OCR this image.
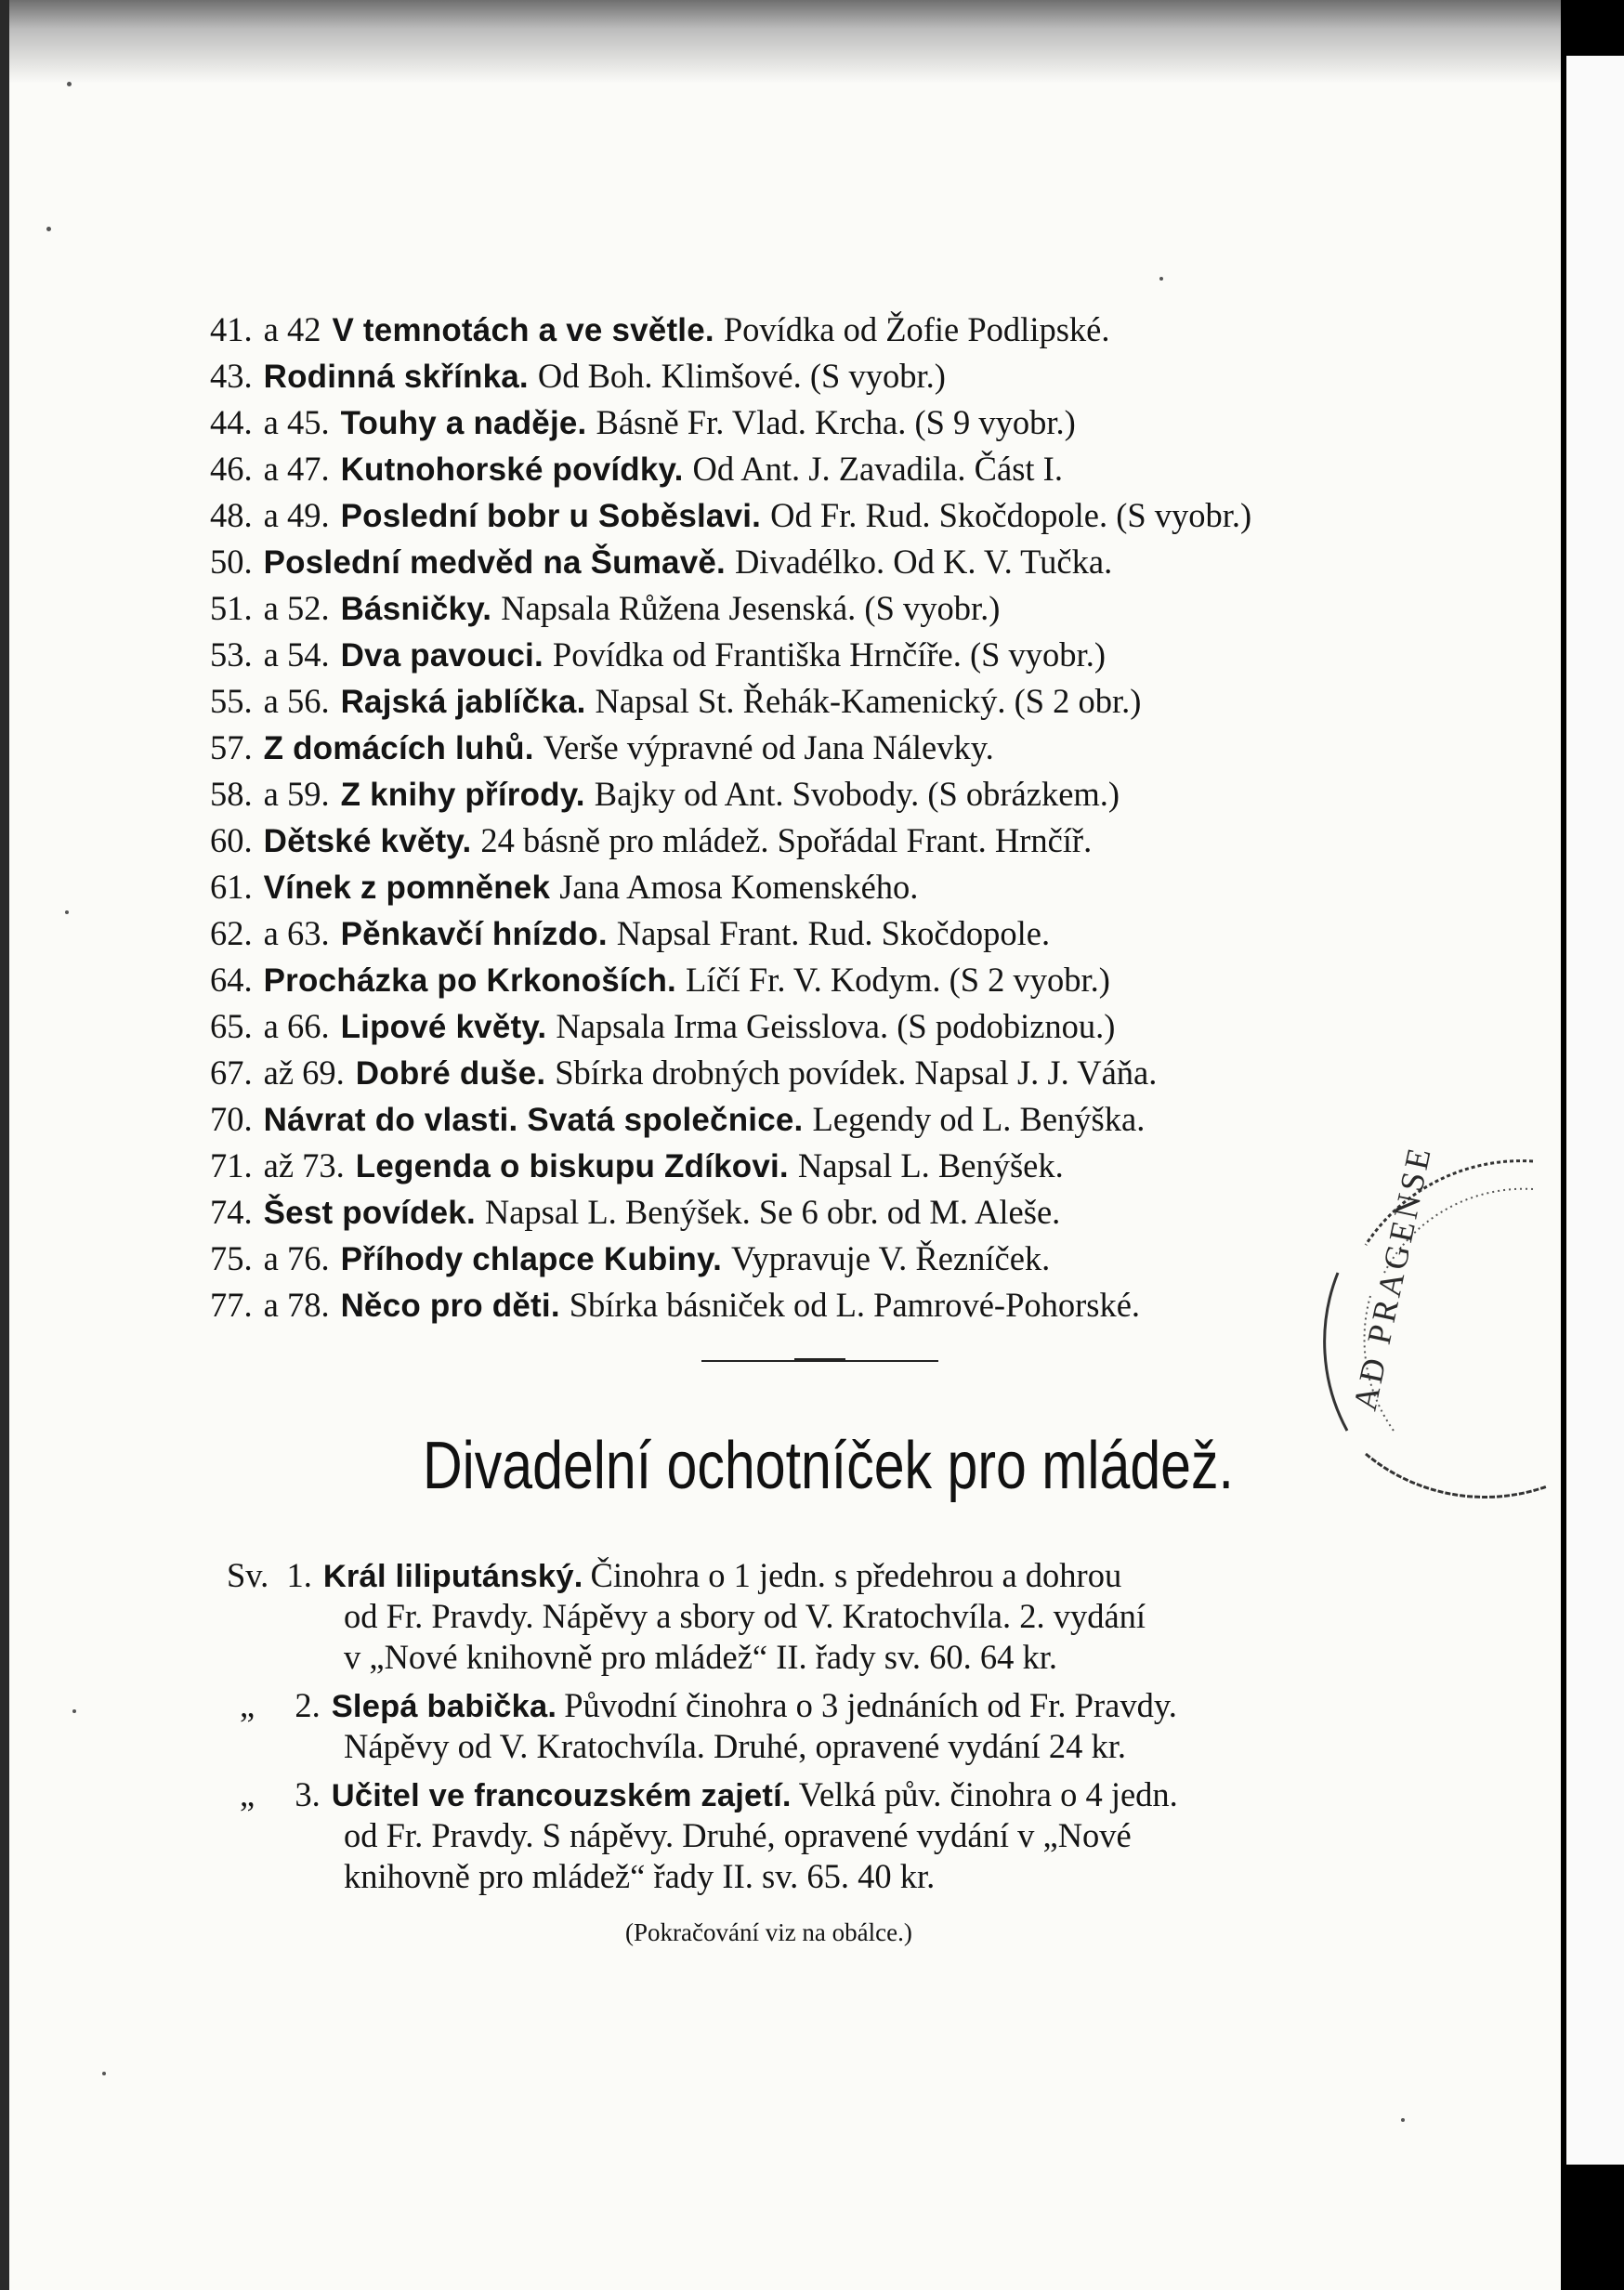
41. a 42 V temnotách a ve světle. Povídka od Žofie Podlipské.
43. Rodinná skřínka. Od Boh. Klimšové. (S vyobr.)
44. a 45. Touhy a naděje. Básně Fr. Vlad. Krcha. (S 9 vyobr.)
46. a 47. Kutnohorské povídky. Od Ant. J. Zavadila. Část I.
48. a 49. Poslední bobr u Soběslavi. Od Fr. Rud. Skočdopole. (S vyobr.)
50. Poslední medvěd na Šumavě. Divadélko. Od K. V. Tučka.
51. a 52. Básničky. Napsala Růžena Jesenská. (S vyobr.)
53. a 54. Dva pavouci. Povídka od Františka Hrnčíře. (S vyobr.)
55. a 56. Rajská jablíčka. Napsal St. Řehák-Kamenický. (S 2 obr.)
57. Z domácích luhů. Verše výpravné od Jana Nálevky.
58. a 59. Z knihy přírody. Bajky od Ant. Svobody. (S obrázkem.)
60. Dětské květy. 24 básně pro mládež. Spořádal Frant. Hrnčíř.
61. Vínek z pomněnek Jana Amosa Komenského.
62. a 63. Pěnkavčí hnízdo. Napsal Frant. Rud. Skočdopole.
64. Procházka po Krkonoších. Líčí Fr. V. Kodym. (S 2 vyobr.)
65. a 66. Lipové květy. Napsala Irma Geisslova. (S podobiznou.)
67. až 69. Dobré duše. Sbírka drobných povídek. Napsal J. J. Váňa.
70. Návrat do vlasti. Svatá společnice. Legendy od L. Benýška.
71. až 73. Legenda o biskupu Zdíkovi. Napsal L. Benýšek.
74. Šest povídek. Napsal L. Benýšek. Se 6 obr. od M. Aleše.
75. a 76. Příhody chlapce Kubiny. Vypravuje V. Řezníček.
77. a 78. Něco pro děti. Sbírka básniček od L. Pamrové-Pohorské.
Divadelní ochotníček pro mládež.
Sv. 1. Král liliputánský. Činohra o 1 jedn. s předehrou a dohrou
od Fr. Pravdy. Nápěvy a sbory od V. Kratochvíla. 2. vydání
v „Nové knihovně pro mládež“ II. řady sv. 60. 64 kr.
„ 2. Slepá babička. Původní činohra o 3 jednáních od Fr. Pravdy.
Nápěvy od V. Kratochvíla. Druhé, opravené vydání 24 kr.
„ 3. Učitel ve francouzském zajetí. Velká pův. činohra o 4 jedn.
od Fr. Pravdy. S nápěvy. Druhé, opravené vydání v „Nové
knihovně pro mládež“ řady II. sv. 65. 40 kr.
(Pokračování viz na obálce.)
AD PRAGENSE
